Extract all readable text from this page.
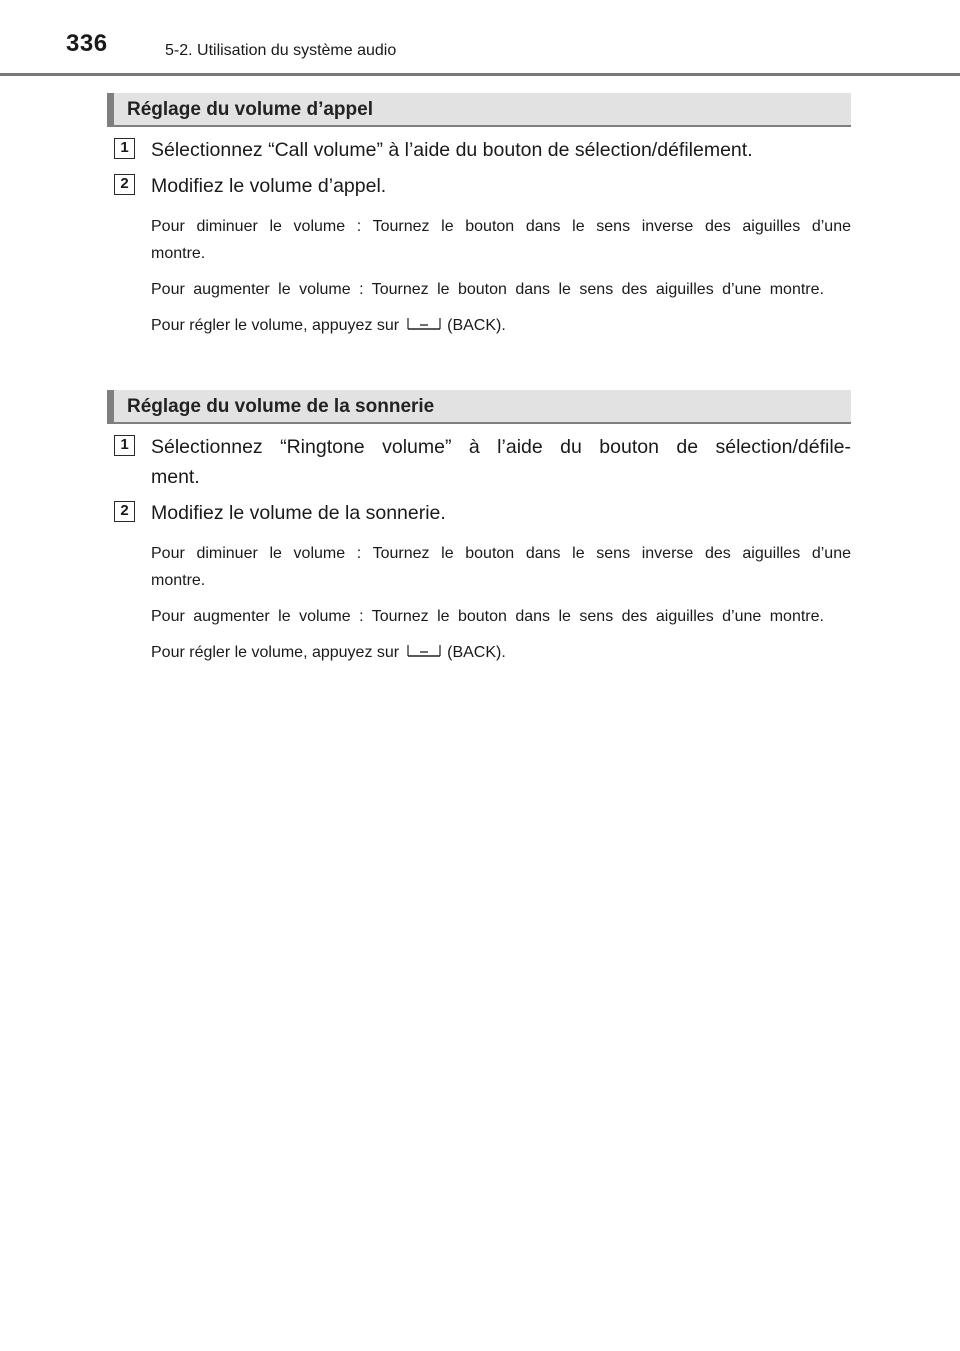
336	5-2. Utilisation du système audio
Réglage du volume d’appel
1	Sélectionnez “Call volume” à l’aide du bouton de sélection/défilement.
2	Modifiez le volume d’appel.
Pour diminuer le volume : Tournez le bouton dans le sens inverse des aiguilles d’une montre.
Pour augmenter le volume : Tournez le bouton dans le sens des aiguilles d’une montre.
Pour régler le volume, appuyez sur	(BACK).
Réglage du volume de la sonnerie
1	Sélectionnez “Ringtone volume” à l’aide du bouton de sélection/défile-ment.
2	Modifiez le volume de la sonnerie.
Pour diminuer le volume : Tournez le bouton dans le sens inverse des aiguilles d’une montre.
Pour augmenter le volume : Tournez le bouton dans le sens des aiguilles d’une montre.
Pour régler le volume, appuyez sur	(BACK).
